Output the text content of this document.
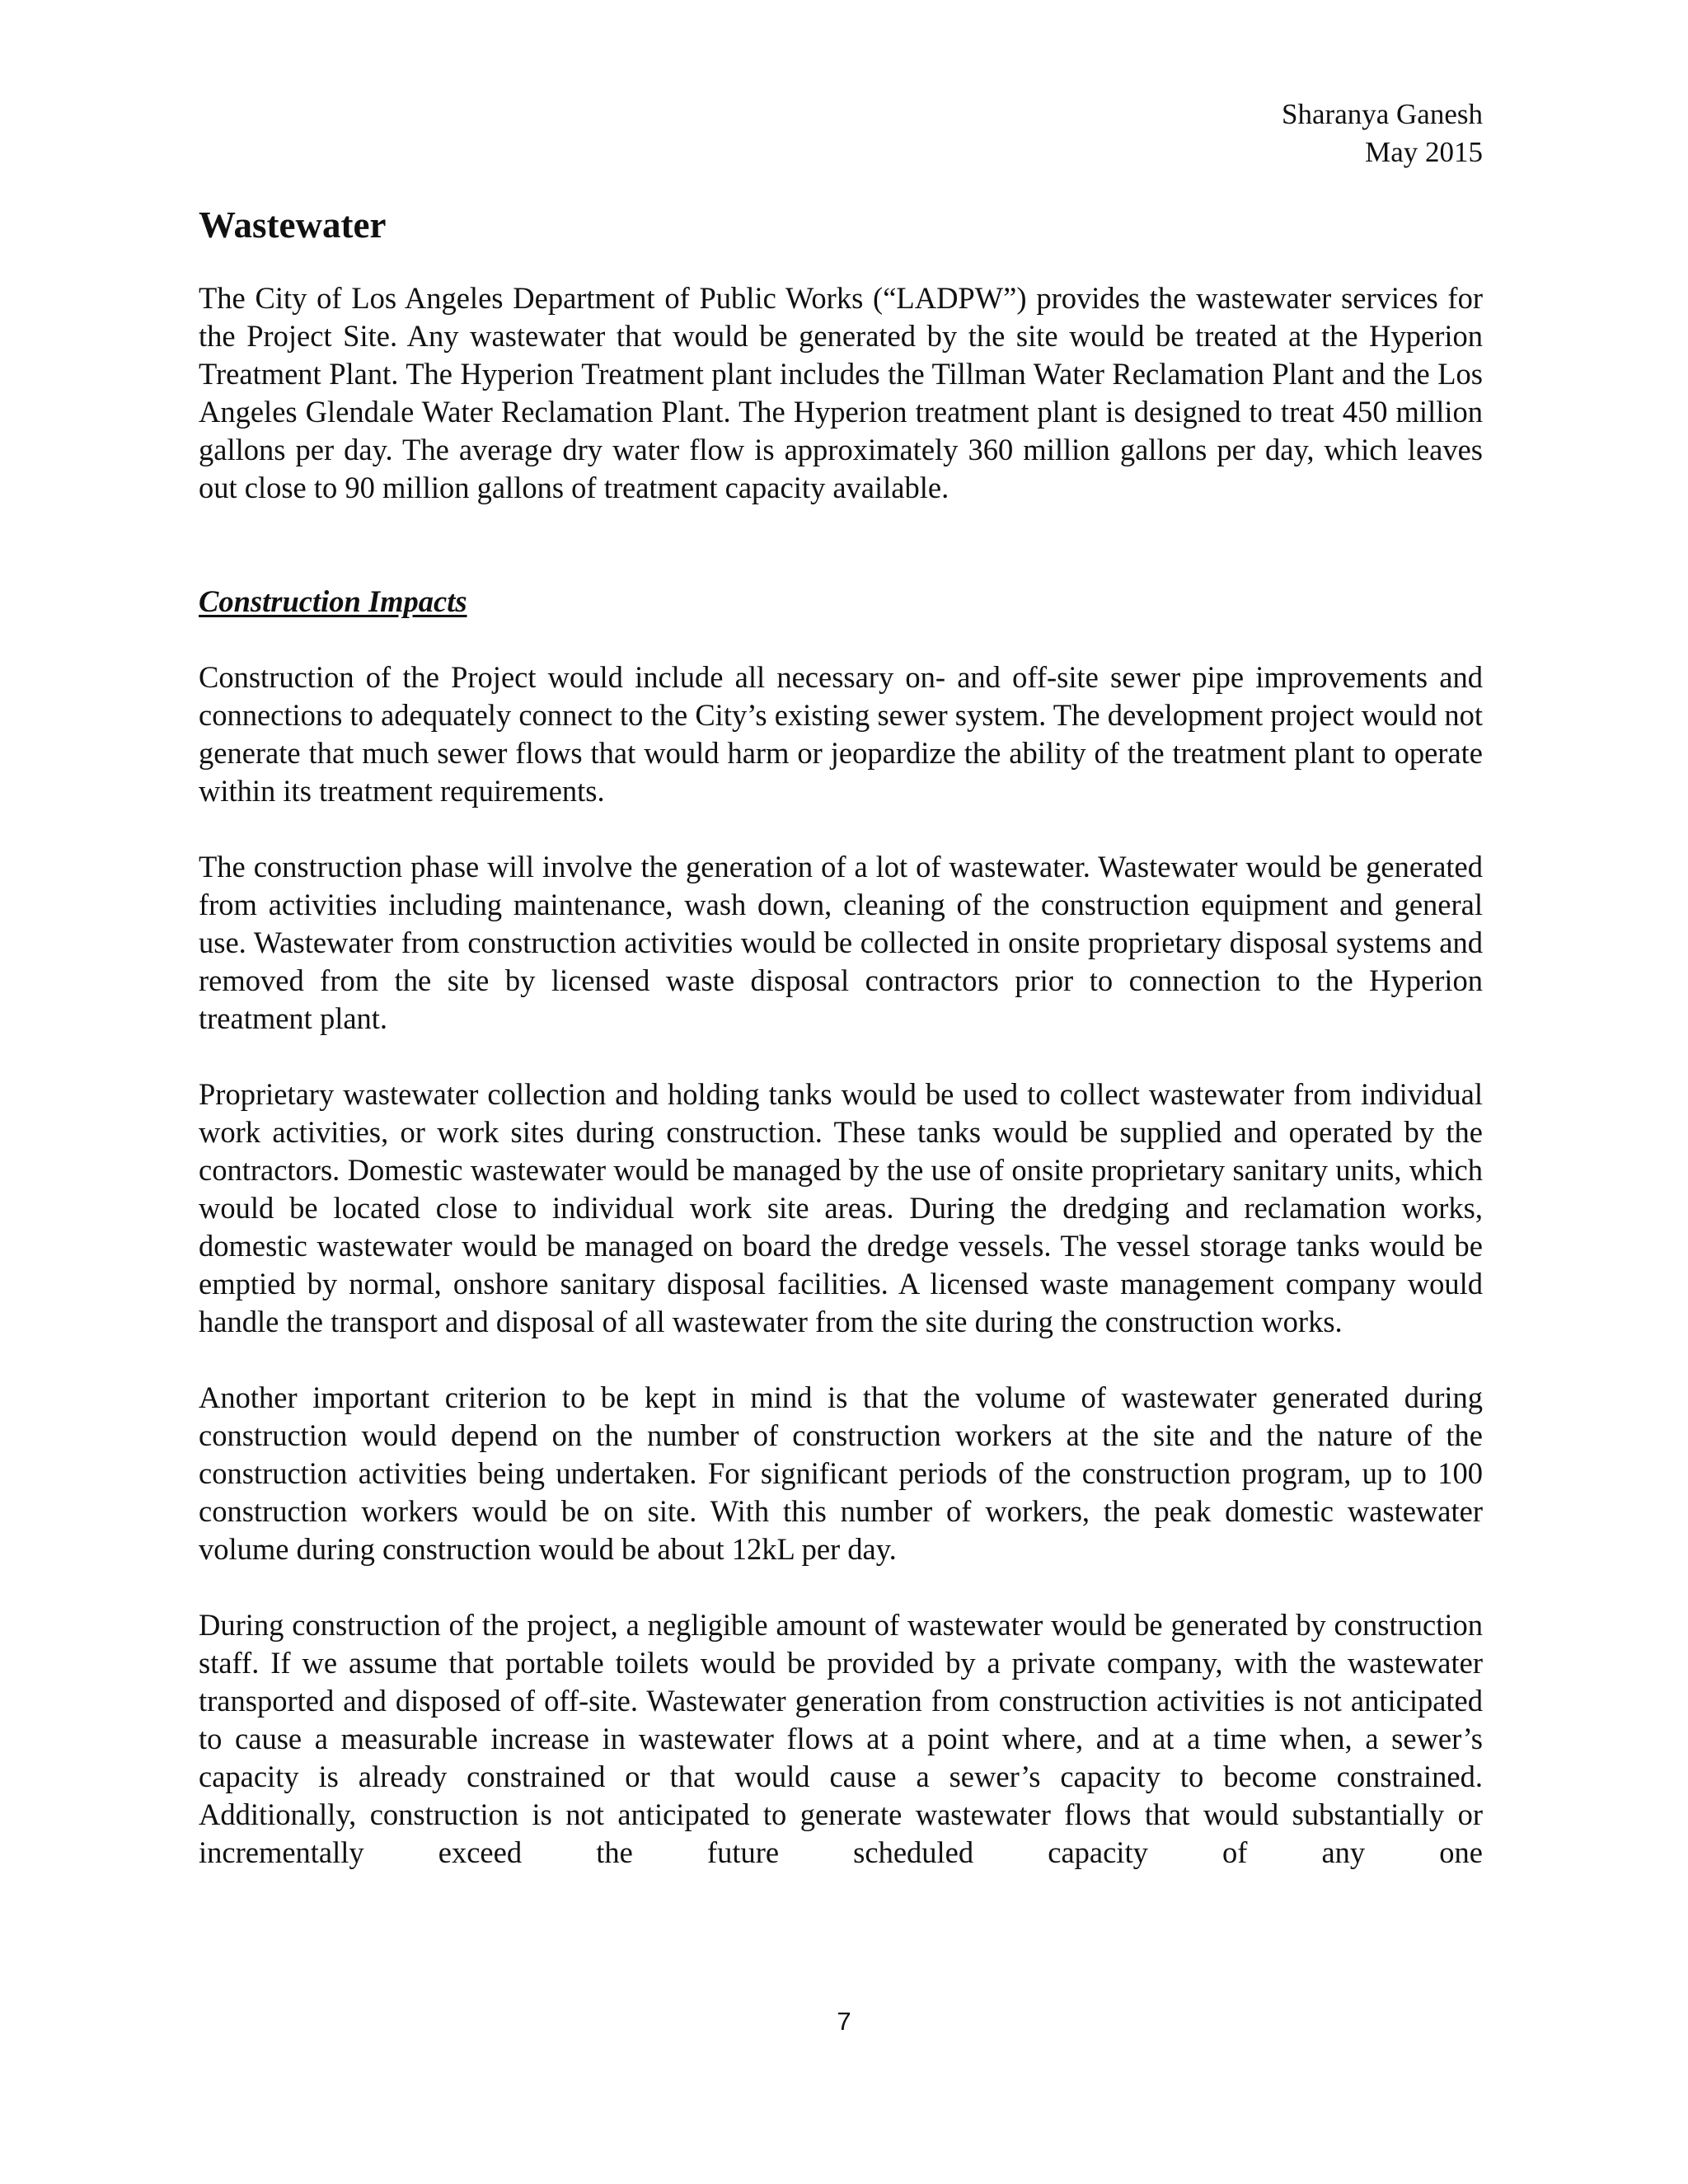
Sharanya Ganesh
May 2015
Wastewater

The City of Los Angeles Department of Public Works (“LADPW”) provides the wastewater services for the Project Site. Any wastewater that would be generated by the site would be treated at the Hyperion Treatment Plant. The Hyperion Treatment plant includes the Tillman Water Reclamation Plant and the Los Angeles Glendale Water Reclamation Plant. The Hyperion treatment plant is designed to treat 450 million gallons per day. The average dry water flow is approximately 360 million gallons per day, which leaves out close to 90 million gallons of treatment capacity available.

Construction Impacts

Construction of the Project would include all necessary on- and off-site sewer pipe improvements and connections to adequately connect to the City’s existing sewer system. The development project would not generate that much sewer flows that would harm or jeopardize the ability of the treatment plant to operate within its treatment requirements.

The construction phase will involve the generation of a lot of wastewater. Wastewater would be generated from activities including maintenance, wash down, cleaning of the construction equipment and general use. Wastewater from construction activities would be collected in onsite proprietary disposal systems and removed from the site by licensed waste disposal contractors prior to connection to the Hyperion treatment plant.

Proprietary wastewater collection and holding tanks would be used to collect wastewater from individual work activities, or work sites during construction. These tanks would be supplied and operated by the contractors. Domestic wastewater would be managed by the use of onsite proprietary sanitary units, which would be located close to individual work site areas. During the dredging and reclamation works, domestic wastewater would be managed on board the dredge vessels. The vessel storage tanks would be emptied by normal, onshore sanitary disposal facilities. A licensed waste management company would handle the transport and disposal of all wastewater from the site during the construction works.

Another important criterion to be kept in mind is that the volume of wastewater generated during construction would depend on the number of construction workers at the site and the nature of the construction activities being undertaken. For significant periods of the construction program, up to 100 construction workers would be on site. With this number of workers, the peak domestic wastewater volume during construction would be about 12kL per day.

During construction of the project, a negligible amount of wastewater would be generated by construction staff. If we assume that portable toilets would be provided by a private company, with the wastewater transported and disposed of off-site. Wastewater generation from construction activities is not anticipated to cause a measurable increase in wastewater flows at a point where, and at a time when, a sewer’s capacity is already constrained or that would cause a sewer’s capacity to become constrained. Additionally, construction is not anticipated to generate wastewater flows that would substantially or incrementally exceed the future scheduled capacity of any one

7
